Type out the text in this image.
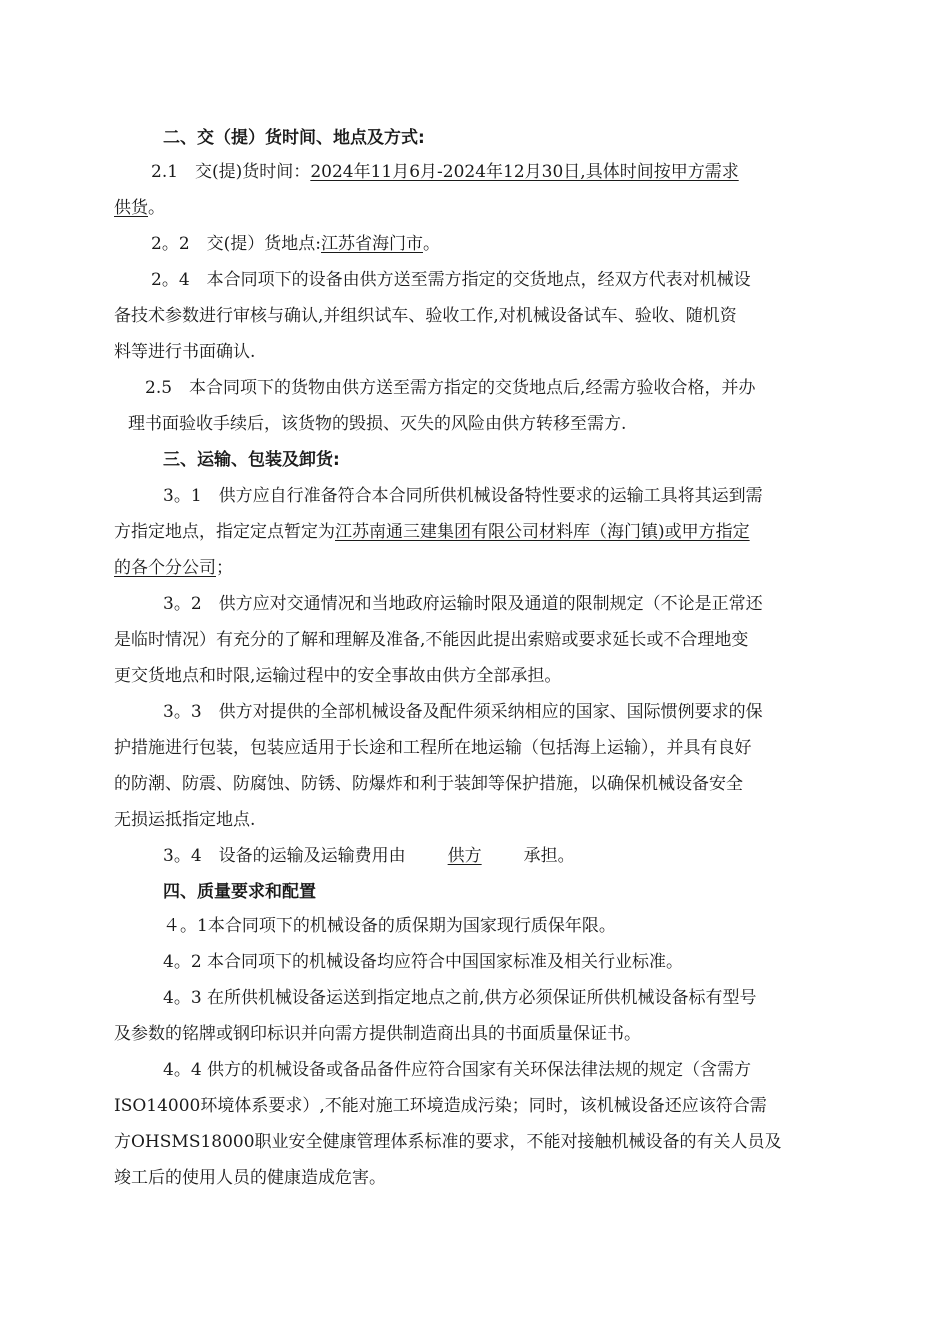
二、交（提）货时间、地点及方式:
2.1　交(提)货时间：2024年11月6月-2024年12月30日,具体时间按甲方需求
供货。
2。2　交(提）货地点:江苏省海门市。
2。4　本合同项下的设备由供方送至需方指定的交货地点，经双方代表对机械设
备技术参数进行审核与确认,并组织试车、验收工作,对机械设备试车、验收、随机资
料等进行书面确认.
2.5　本合同项下的货物由供方送至需方指定的交货地点后,经需方验收合格，并办
理书面验收手续后，该货物的毁损、灭失的风险由供方转移至需方.
三、运输、包装及卸货:
3。1　供方应自行准备符合本合同所供机械设备特性要求的运输工具将其运到需
方指定地点，指定定点暂定为江苏南通三建集团有限公司材料库（海门镇)或甲方指定
的各个分公司；
3。2　供方应对交通情况和当地政府运输时限及通道的限制规定（不论是正常还
是临时情况）有充分的了解和理解及准备,不能因此提出索赔或要求延长或不合理地变
更交货地点和时限,运输过程中的安全事故由供方全部承担。
3。3　供方对提供的全部机械设备及配件须采纳相应的国家、国际惯例要求的保
护措施进行包装，包装应适用于长途和工程所在地运输（包括海上运输），并具有良好
的防潮、防震、防腐蚀、防锈、防爆炸和利于装卸等保护措施，以确保机械设备安全
无损运抵指定地点.
3。4　设备的运输及运输费用由 供方 承担。
四、质量要求和配置
４。1本合同项下的机械设备的质保期为国家现行质保年限。
4。2 本合同项下的机械设备均应符合中国国家标准及相关行业标准。
4。3 在所供机械设备运送到指定地点之前,供方必须保证所供机械设备标有型号
及参数的铭牌或钢印标识并向需方提供制造商出具的书面质量保证书。
4。4 供方的机械设备或备品备件应符合国家有关环保法律法规的规定（含需方
ISO14000环境体系要求）,不能对施工环境造成污染；同时，该机械设备还应该符合需
方OHSMS18000职业安全健康管理体系标准的要求，不能对接触机械设备的有关人员及
竣工后的使用人员的健康造成危害。
